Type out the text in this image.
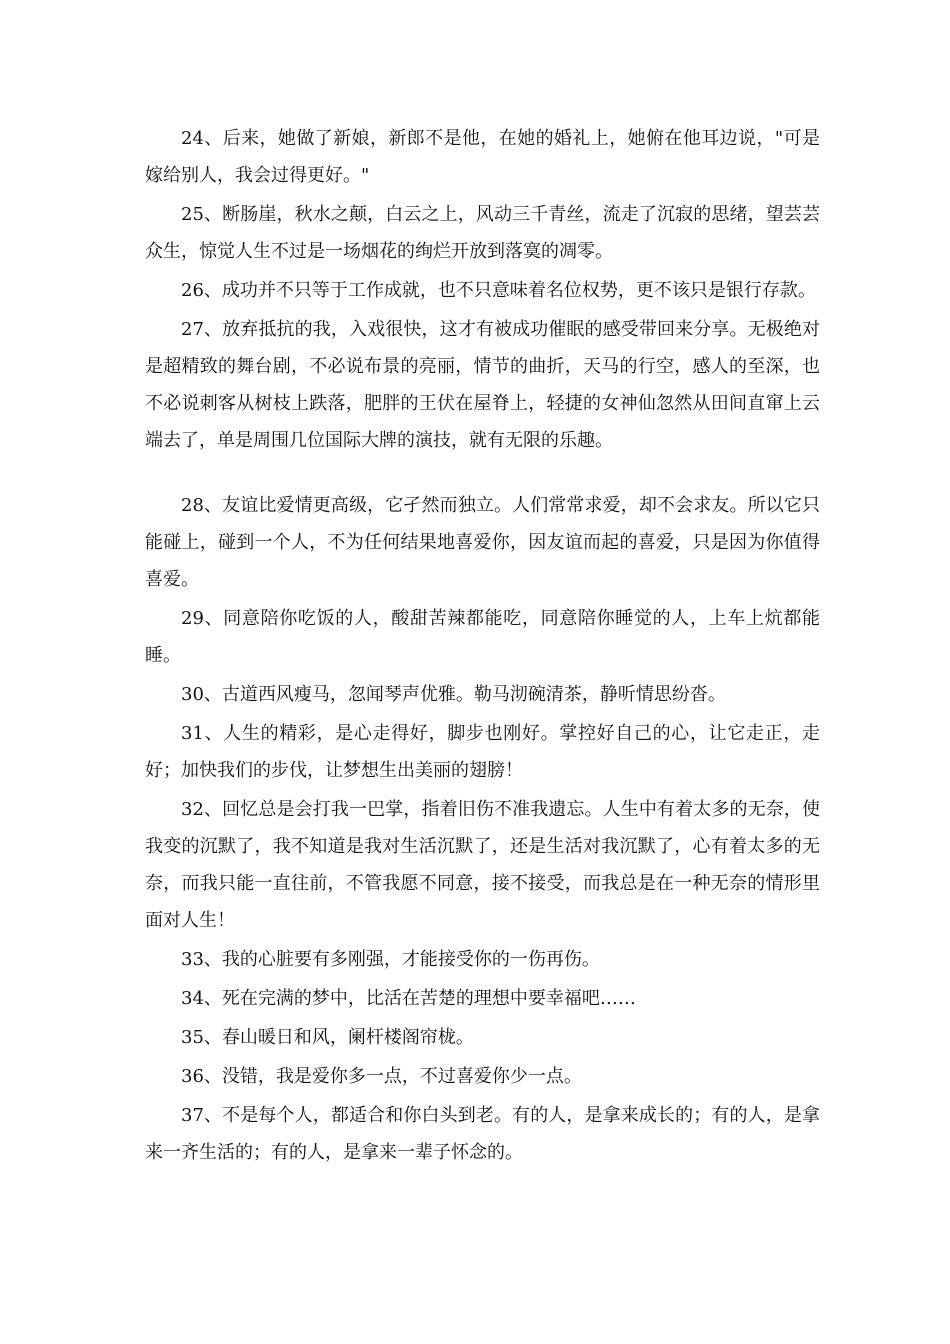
24、后来，她做了新娘，新郎不是他，在她的婚礼上，她俯在他耳边说，"可是嫁给别人，我会过得更好。"

25、断肠崖，秋水之颠，白云之上，风动三千青丝，流走了沉寂的思绪，望芸芸众生，惊觉人生不过是一场烟花的绚烂开放到落寞的凋零。

26、成功并不只等于工作成就，也不只意味着名位权势，更不该只是银行存款。

27、放弃抵抗的我，入戏很快，这才有被成功催眠的感受带回来分享。无极绝对是超精致的舞台剧，不必说布景的亮丽，情节的曲折，天马的行空，感人的至深，也不必说刺客从树枝上跌落，肥胖的王伏在屋脊上，轻捷的女神仙忽然从田间直窜上云端去了，单是周围几位国际大牌的演技，就有无限的乐趣。

28、友谊比爱情更高级，它孑然而独立。人们常常求爱，却不会求友。所以它只能碰上，碰到一个人，不为任何结果地喜爱你，因友谊而起的喜爱，只是因为你值得喜爱。

29、同意陪你吃饭的人，酸甜苦辣都能吃，同意陪你睡觉的人，上车上炕都能睡。

30、古道西风瘦马，忽闻琴声优雅。勒马沏碗清茶，静听情思纷沓。

31、人生的精彩，是心走得好，脚步也刚好。掌控好自己的心，让它走正，走好；加快我们的步伐，让梦想生出美丽的翅膀！

32、回忆总是会打我一巴掌，指着旧伤不准我遗忘。人生中有着太多的无奈，使我变的沉默了，我不知道是我对生活沉默了，还是生活对我沉默了，心有着太多的无奈，而我只能一直往前，不管我愿不同意，接不接受，而我总是在一种无奈的情形里面对人生！

33、我的心脏要有多刚强，才能接受你的一伤再伤。

34、死在完满的梦中，比活在苦楚的理想中要幸福吧……

35、春山暖日和风，阑杆楼阁帘栊。

36、没错，我是爱你多一点，不过喜爱你少一点。

37、不是每个人，都适合和你白头到老。有的人，是拿来成长的；有的人，是拿来一齐生活的；有的人，是拿来一辈子怀念的。
